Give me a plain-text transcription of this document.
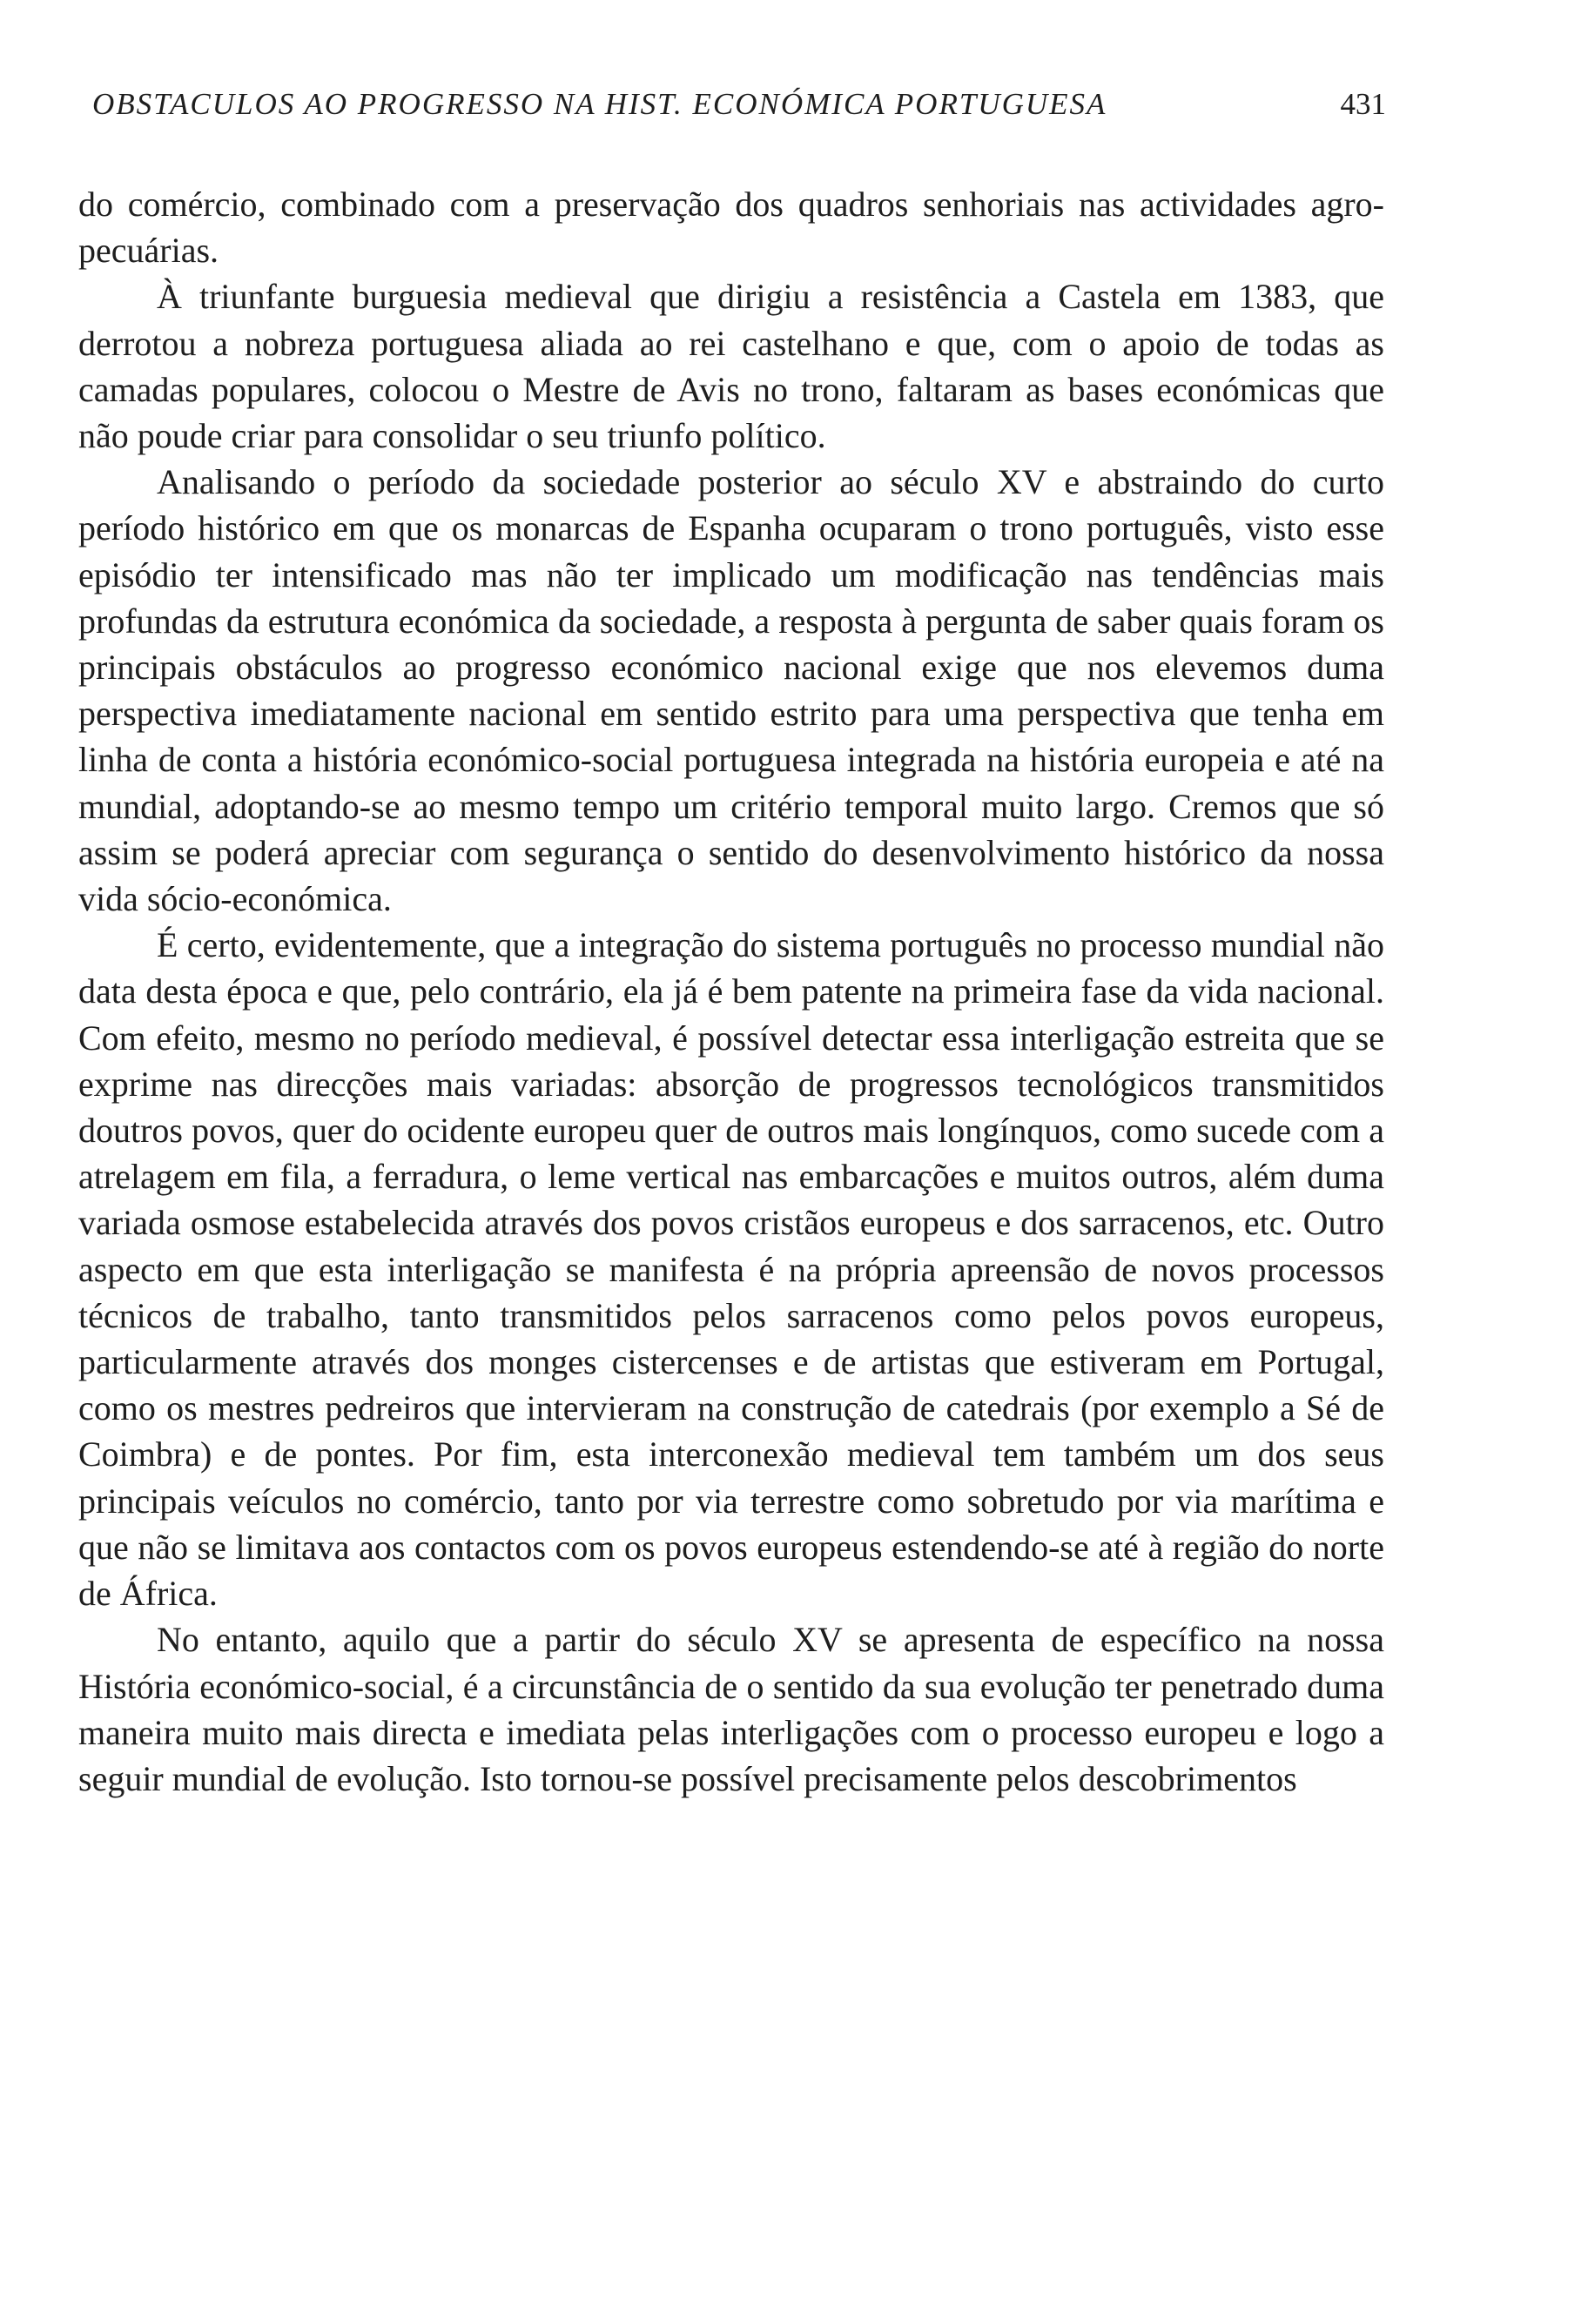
OBSTACULOS AO PROGRESSO NA HIST. ECONÓMICA PORTUGUESA	431

do comércio, combinado com a preservação dos quadros senhoriais nas actividades agro-pecuárias.

À triunfante burguesia medieval que dirigiu a resistência a Castela em 1383, que derrotou a nobreza portuguesa aliada ao rei castelhano e que, com o apoio de todas as camadas populares, colocou o Mestre de Avis no trono, faltaram as bases económicas que não poude criar para consolidar o seu triunfo político.

Analisando o período da sociedade posterior ao século XV e abstraindo do curto período histórico em que os monarcas de Espanha ocuparam o trono português, visto esse episódio ter intensificado mas não ter implicado um modificação nas tendências mais profundas da estrutura económica da sociedade, a resposta à pergunta de saber quais foram os principais obstáculos ao progresso económico nacional exige que nos elevemos duma perspectiva imediatamente nacional em sentido estrito para uma perspectiva que tenha em linha de conta a história económico-social portuguesa integrada na história europeia e até na mundial, adoptando-se ao mesmo tempo um critério temporal muito largo. Cremos que só assim se poderá apreciar com segurança o sentido do desenvolvimento histórico da nossa vida sócio-económica.

É certo, evidentemente, que a integração do sistema português no processo mundial não data desta época e que, pelo contrário, ela já é bem patente na primeira fase da vida nacional. Com efeito, mesmo no período medieval, é possível detectar essa interligação estreita que se exprime nas direcções mais variadas: absorção de progressos tecnológicos transmitidos doutros povos, quer do ocidente europeu quer de outros mais longínquos, como sucede com a atrelagem em fila, a ferradura, o leme vertical nas embarcações e muitos outros, além duma variada osmose estabelecida através dos povos cristãos europeus e dos sarracenos, etc. Outro aspecto em que esta interligação se manifesta é na própria apreensão de novos processos técnicos de trabalho, tanto transmitidos pelos sarracenos como pelos povos europeus, particularmente através dos monges cistercenses e de artistas que estiveram em Portugal, como os mestres pedreiros que intervieram na construção de catedrais (por exemplo a Sé de Coimbra) e de pontes. Por fim, esta interconexão medieval tem também um dos seus principais veículos no comércio, tanto por via terrestre como sobretudo por via marítima e que não se limitava aos contactos com os povos europeus estendendo-se até à região do norte de África.

No entanto, aquilo que a partir do século XV se apresenta de específico na nossa História económico-social, é a circunstância de o sentido da sua evolução ter penetrado duma maneira muito mais directa e imediata pelas interligações com o processo europeu e logo a seguir mundial de evolução. Isto tornou-se possível precisamente pelos descobrimentos
